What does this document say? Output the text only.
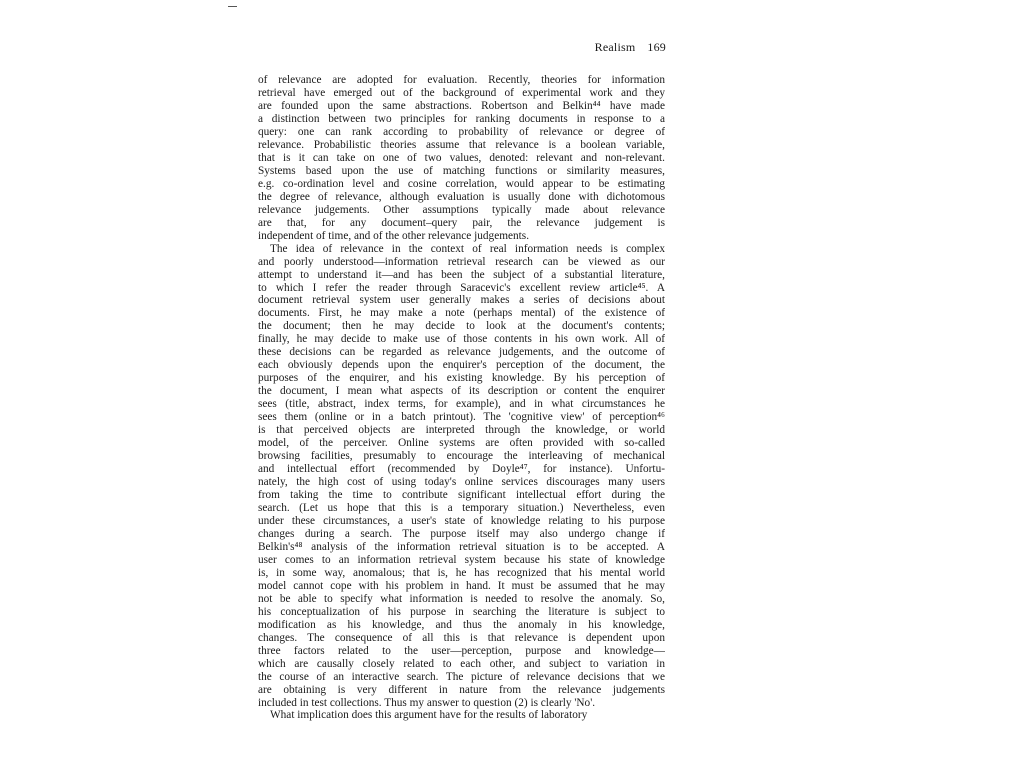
Realism 169
of relevance are adopted for evaluation. Recently, theories for information
retrieval have emerged out of the background of experimental work and they
are founded upon the same abstractions. Robertson and Belkin⁴⁴ have made
a distinction between two principles for ranking documents in response to a
query: one can rank according to probability of relevance or degree of
relevance. Probabilistic theories assume that relevance is a boolean variable,
that is it can take on one of two values, denoted: relevant and non-relevant.
Systems based upon the use of matching functions or similarity measures,
e.g. co-ordination level and cosine correlation, would appear to be estimating
the degree of relevance, although evaluation is usually done with dichotomous
relevance judgements. Other assumptions typically made about relevance
are that, for any document–query pair, the relevance judgement is
independent of time, and of the other relevance judgements.
The idea of relevance in the context of real information needs is complex
and poorly understood—information retrieval research can be viewed as our
attempt to understand it—and has been the subject of a substantial literature,
to which I refer the reader through Saracevic's excellent review article⁴⁵. A
document retrieval system user generally makes a series of decisions about
documents. First, he may make a note (perhaps mental) of the existence of
the document; then he may decide to look at the document's contents;
finally, he may decide to make use of those contents in his own work. All of
these decisions can be regarded as relevance judgements, and the outcome of
each obviously depends upon the enquirer's perception of the document, the
purposes of the enquirer, and his existing knowledge. By his perception of
the document, I mean what aspects of its description or content the enquirer
sees (title, abstract, index terms, for example), and in what circumstances he
sees them (online or in a batch printout). The 'cognitive view' of perception⁴⁶
is that perceived objects are interpreted through the knowledge, or world
model, of the perceiver. Online systems are often provided with so-called
browsing facilities, presumably to encourage the interleaving of mechanical
and intellectual effort (recommended by Doyle⁴⁷, for instance). Unfortu-
nately, the high cost of using today's online services discourages many users
from taking the time to contribute significant intellectual effort during the
search. (Let us hope that this is a temporary situation.) Nevertheless, even
under these circumstances, a user's state of knowledge relating to his purpose
changes during a search. The purpose itself may also undergo change if
Belkin's⁴⁸ analysis of the information retrieval situation is to be accepted. A
user comes to an information retrieval system because his state of knowledge
is, in some way, anomalous; that is, he has recognized that his mental world
model cannot cope with his problem in hand. It must be assumed that he may
not be able to specify what information is needed to resolve the anomaly. So,
his conceptualization of his purpose in searching the literature is subject to
modification as his knowledge, and thus the anomaly in his knowledge,
changes. The consequence of all this is that relevance is dependent upon
three factors related to the user—perception, purpose and knowledge—
which are causally closely related to each other, and subject to variation in
the course of an interactive search. The picture of relevance decisions that we
are obtaining is very different in nature from the relevance judgements
included in test collections. Thus my answer to question (2) is clearly 'No'.
What implication does this argument have for the results of laboratory
